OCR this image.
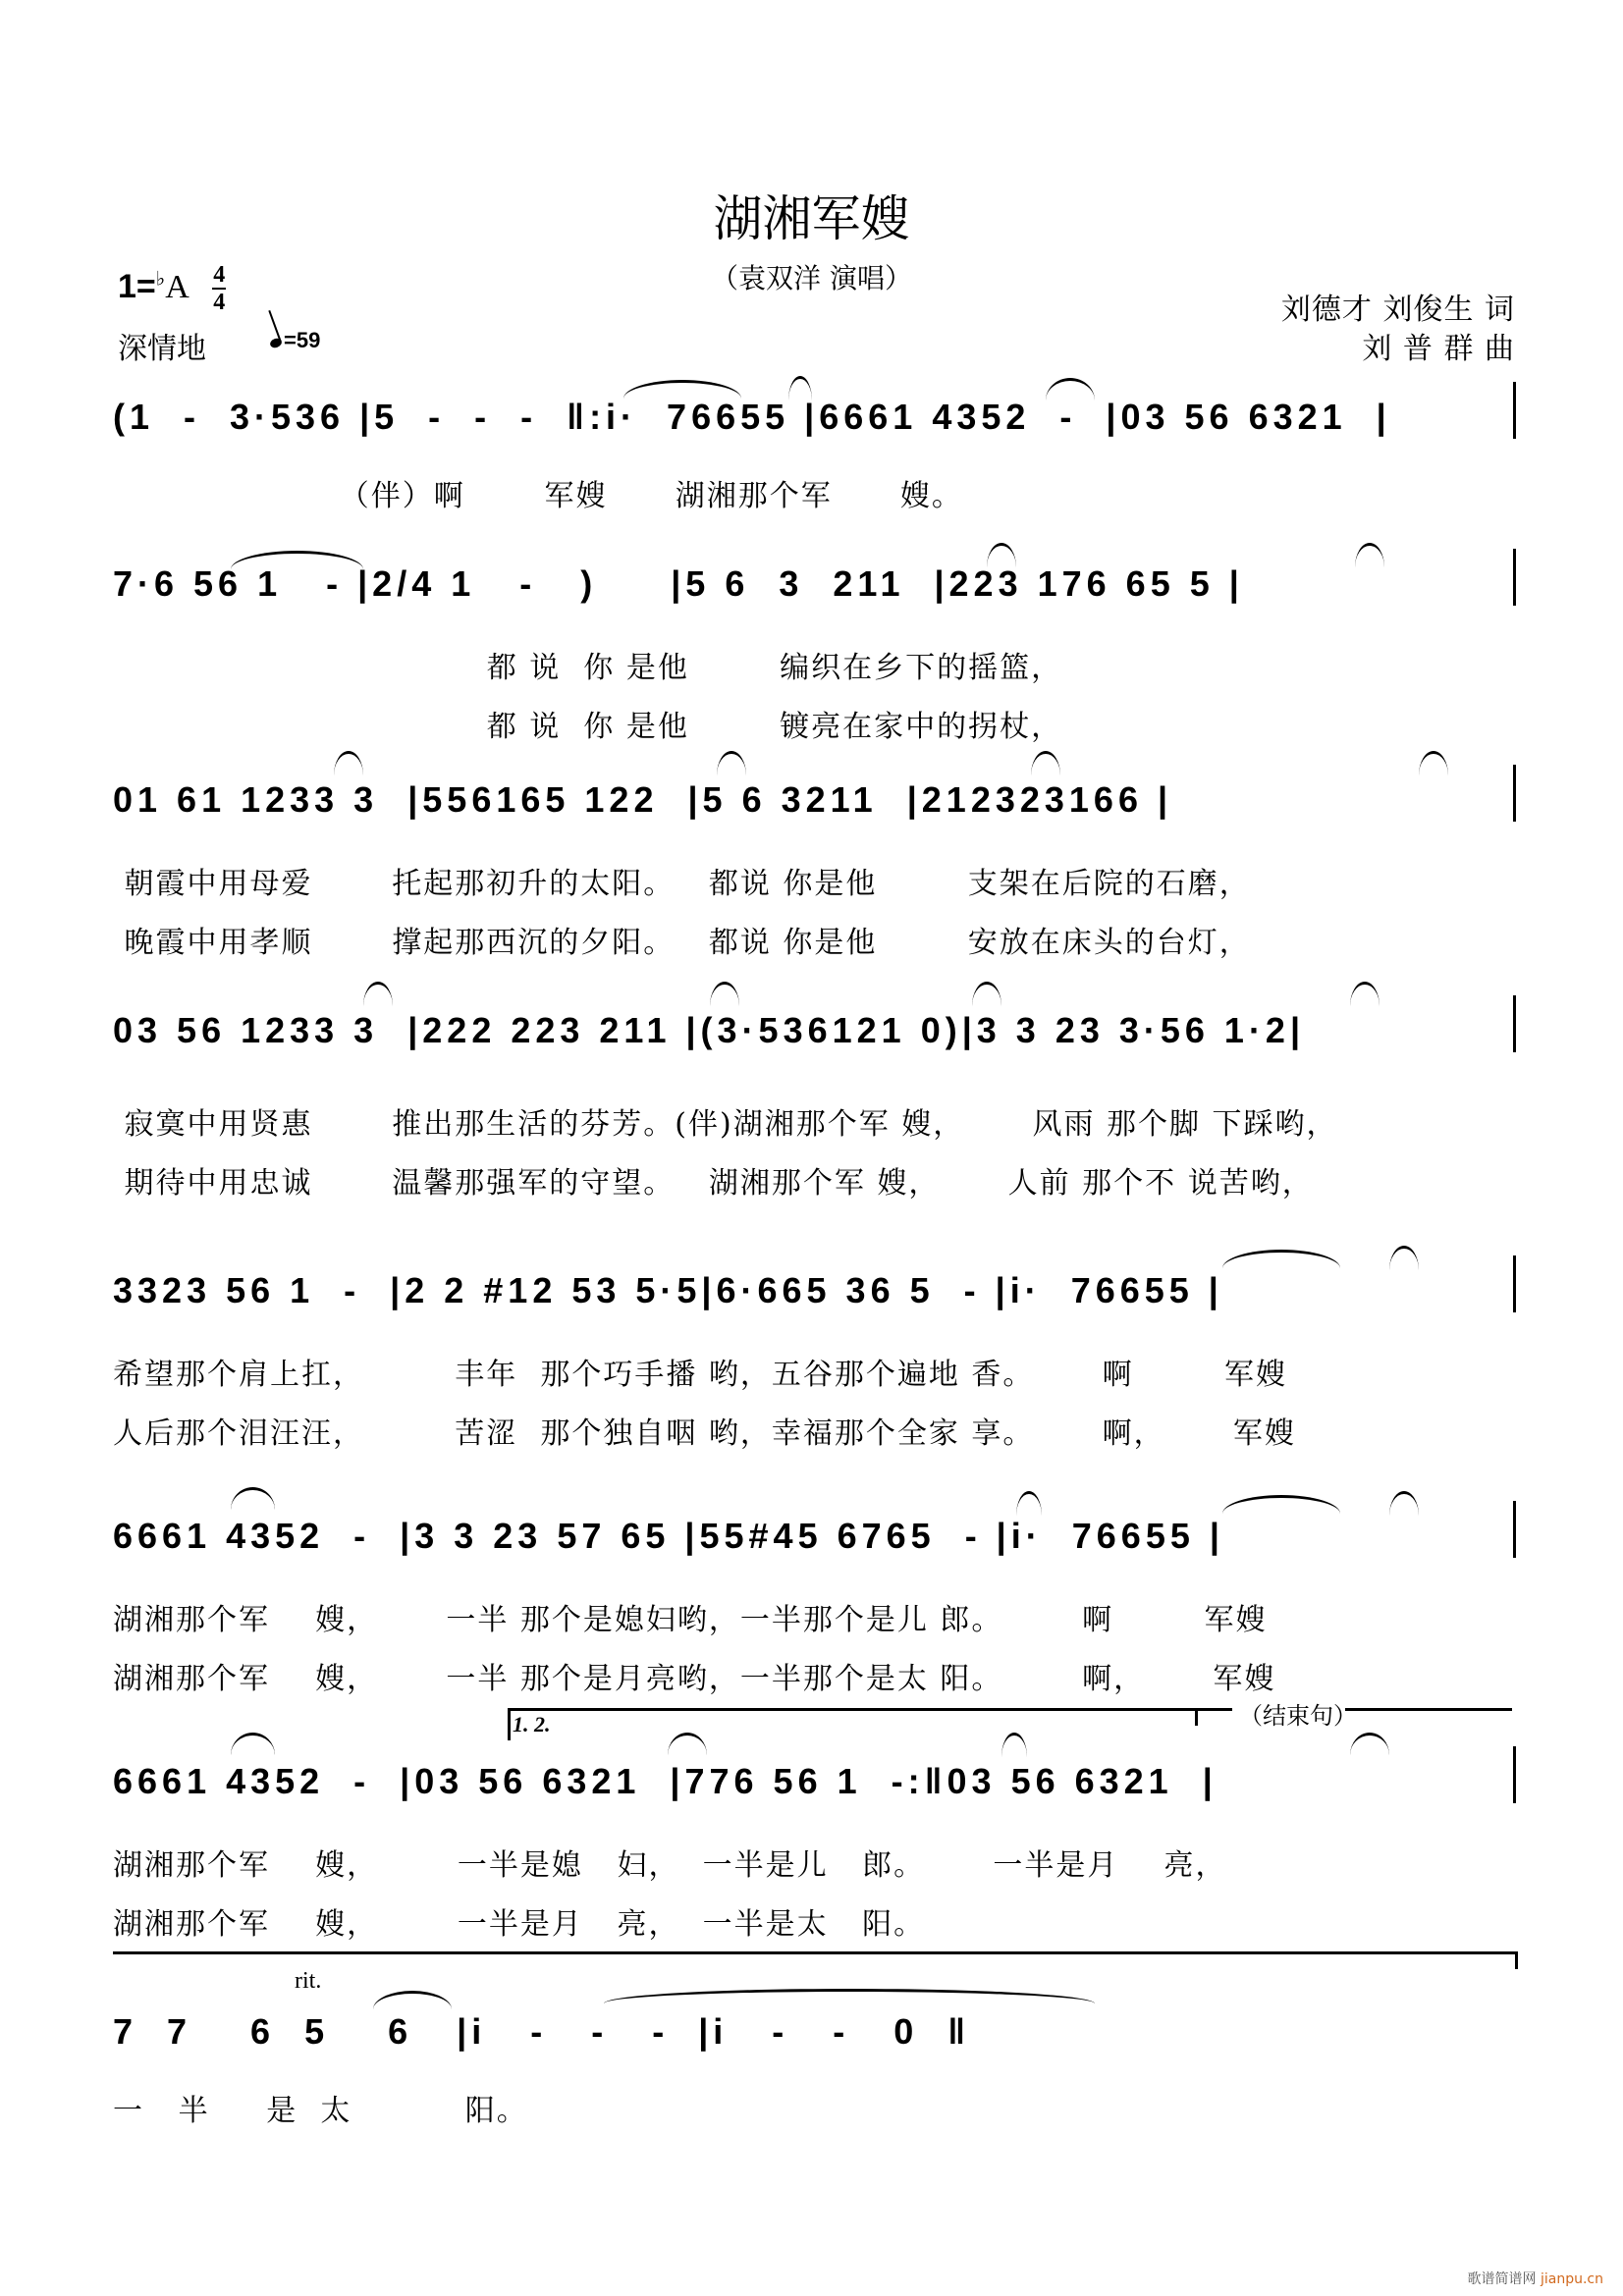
湖湘军嫂
（袁双洋 演唱）
$1=^♭A \frac{4}{4}$
深情地	=59
刘德才 刘俊生 词
刘 普 群 曲
(1  -  3·536 |5  -  -  -  ‖:i·  76655 |6661 4352  -  |03 56 6321  |
（伴）啊       军嫂      湖湘那个军      嫂。
7·6 56 1   - |2/4 1   -   )     |5 6  3  211  |223 176 65 5 |
都 说  你 是他        编织在乡下的摇篮，
都 说  你 是他        镀亮在家中的拐杖，
01 61 1233 3  |556165 122  |5 6 3211  |212323166 |
朝霞中用母爱       托起那初升的太阳。   都说 你是他        支架在后院的石磨，
晚霞中用孝顺       撑起那西沉的夕阳。   都说 你是他        安放在床头的台灯，
03 56 1233 3  |222 223 211 |(3·536121 0)|3 3 23 3·56 1·2|
寂寞中用贤惠       推出那生活的芬芳。(伴)湖湘那个军 嫂，      风雨 那个脚 下踩哟，
期待中用忠诚       温馨那强军的守望。   湖湘那个军 嫂，      人前 那个不 说苦哟，
3323 56 1  -  |2 2 #12 53 5·5|6·665 36 5  - |i·  76655 |
希望那个肩上扛，        丰年  那个巧手播 哟，五谷那个遍地 香。      啊        军嫂
人后那个泪汪汪，        苦涩  那个独自咽 哟，幸福那个全家 享。      啊，      军嫂
6661 4352  -  |3 3 23 57 65 |55#45 6765  - |i·  76655 |
湖湘那个军    嫂，      一半 那个是媳妇哟，一半那个是儿 郎。       啊        军嫂
湖湘那个军    嫂，      一半 那个是月亮哟，一半那个是太 阳。       啊，      军嫂
1. 2.	（结束句）
6661 4352  -  |03 56 6321  |776 56 1  -:‖03 56 6321  |
湖湘那个军    嫂，       一半是媳   妇，  一半是儿   郎。      一半是月    亮，
湖湘那个军    嫂，       一半是月   亮，  一半是太   阳。
rit.
7  7    6  5    6   |i   -   -   -  |i   -   -   0  ‖
一   半     是  太          阳。
歌谱简谱网 jianpu.cn
